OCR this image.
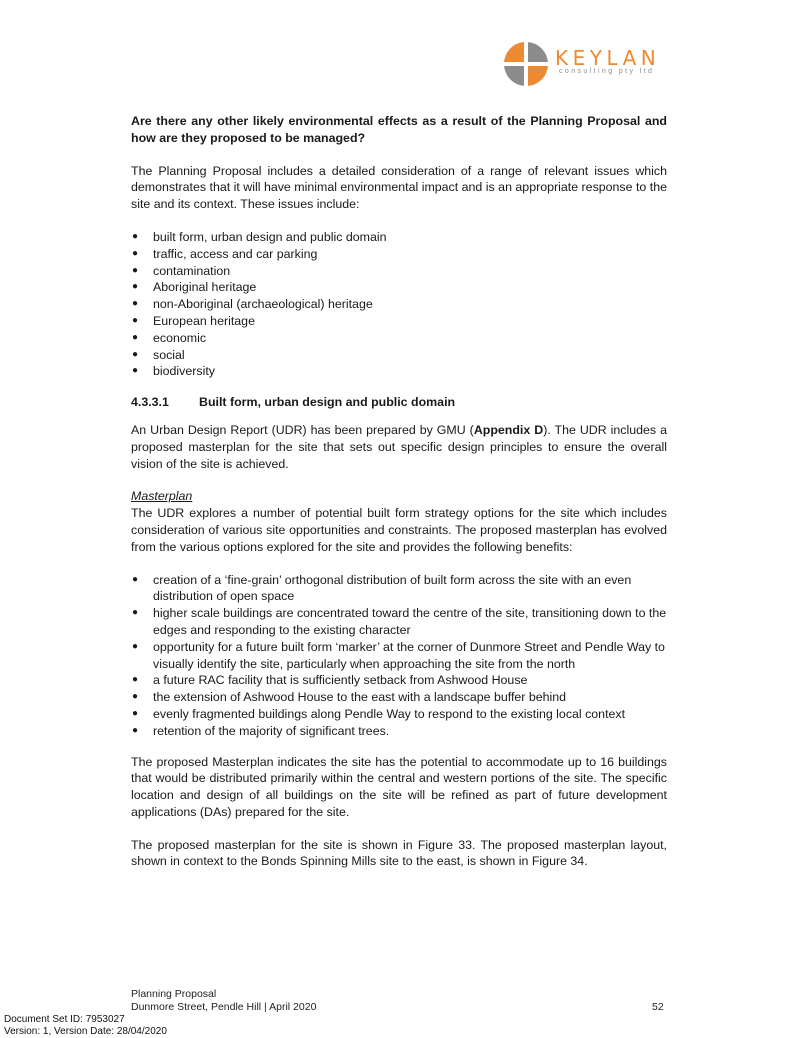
KEYLAN
consulting pty ltd

Are there any other likely environmental effects as a result of the Planning Proposal and how are they proposed to be managed?

The Planning Proposal includes a detailed consideration of a range of relevant issues which demonstrates that it will have minimal environmental impact and is an appropriate response to the site and its context. These issues include:

● built form, urban design and public domain
● traffic, access and car parking
● contamination
● Aboriginal heritage
● non-Aboriginal (archaeological) heritage
● European heritage
● economic
● social
● biodiversity

4.3.3.1 Built form, urban design and public domain

An Urban Design Report (UDR) has been prepared by GMU (Appendix D). The UDR includes a proposed masterplan for the site that sets out specific design principles to ensure the overall vision of the site is achieved.

Masterplan

The UDR explores a number of potential built form strategy options for the site which includes consideration of various site opportunities and constraints. The proposed masterplan has evolved from the various options explored for the site and provides the following benefits:

● creation of a ‘fine-grain’ orthogonal distribution of built form across the site with an even distribution of open space
● higher scale buildings are concentrated toward the centre of the site, transitioning down to the edges and responding to the existing character
● opportunity for a future built form ‘marker’ at the corner of Dunmore Street and Pendle Way to visually identify the site, particularly when approaching the site from the north
● a future RAC facility that is sufficiently setback from Ashwood House
● the extension of Ashwood House to the east with a landscape buffer behind
● evenly fragmented buildings along Pendle Way to respond to the existing local context
● retention of the majority of significant trees.

The proposed Masterplan indicates the site has the potential to accommodate up to 16 buildings that would be distributed primarily within the central and western portions of the site. The specific location and design of all buildings on the site will be refined as part of future development applications (DAs) prepared for the site.

The proposed masterplan for the site is shown in Figure 33. The proposed masterplan layout, shown in context to the Bonds Spinning Mills site to the east, is shown in Figure 34.

Planning Proposal
Dunmore Street, Pendle Hill | April 2020	52
Document Set ID: 7953027
Version: 1, Version Date: 28/04/2020
